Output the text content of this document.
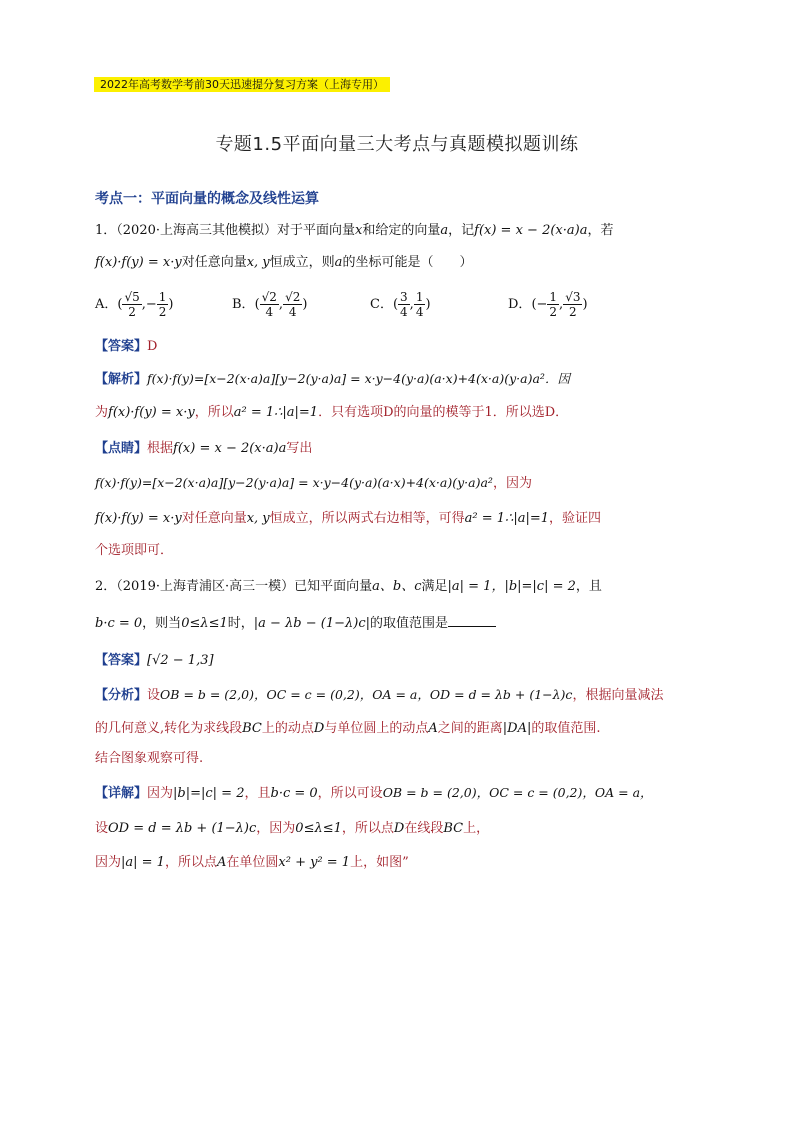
2022年高考数学考前30天迅速提分复习方案（上海专用）
专题1.5平面向量三大考点与真题模拟题训练
考点一：平面向量的概念及线性运算
1．（2020·上海高三其他模拟）对于平面向量x和给定的向量a，记f(x) = x − 2(x·a)a，若
f(x)·f(y) = x·y对任意向量x, y恒成立，则a的坐标可能是（　　）
A．( $\frac{√5}{2}$ ,− $\frac{1}{2}$ )	B．( $\frac{√2}{4}$ , $\frac{√2}{4}$ )	C．( $\frac{3}{4}$ , $\frac{1}{4}$ )	D．(− $\frac{1}{2}$ , $\frac{√3}{2}$ )
【答案】D
【解析】f(x)·f(y)=[x−2(x·a)a][y−2(y·a)a] = x·y−4(y·a)(a·x)+4(x·a)(y·a)a²．因
为f(x)·f(y) = x·y，所以a² = 1∴|a|=1．只有选项D的向量的模等于1．所以选D．
【点睛】根据f(x) = x − 2(x·a)a写出
f(x)·f(y)=[x−2(x·a)a][y−2(y·a)a] = x·y−4(y·a)(a·x)+4(x·a)(y·a)a²，因为
f(x)·f(y) = x·y对任意向量x, y恒成立，所以两式右边相等，可得a² = 1∴|a|=1，验证四
个选项即可．
2．（2019·上海青浦区·高三一模）已知平面向量a、b、c满足|a| = 1，|b|=|c| = 2，且
b·c = 0，则当0≤λ≤1时，|a − λb − (1−λ)c|的取值范围是
【答案】[√2 − 1,3]
【分析】设OB = b = (2,0)，OC = c = (0,2)，OA = a，OD = d = λb + (1−λ)c，根据向量减法
的几何意义,转化为求线段BC上的动点D与单位圆上的动点A之间的距离|DA|的取值范围.
结合图象观察可得.
【详解】因为|b|=|c| = 2，且b·c = 0，所以可设OB = b = (2,0)，OC = c = (0,2)，OA = a，
设OD = d = λb + (1−λ)c，因为0≤λ≤1，所以点D在线段BC上，
因为|a| = 1，所以点A在单位圆x² + y² = 1上，如图”
